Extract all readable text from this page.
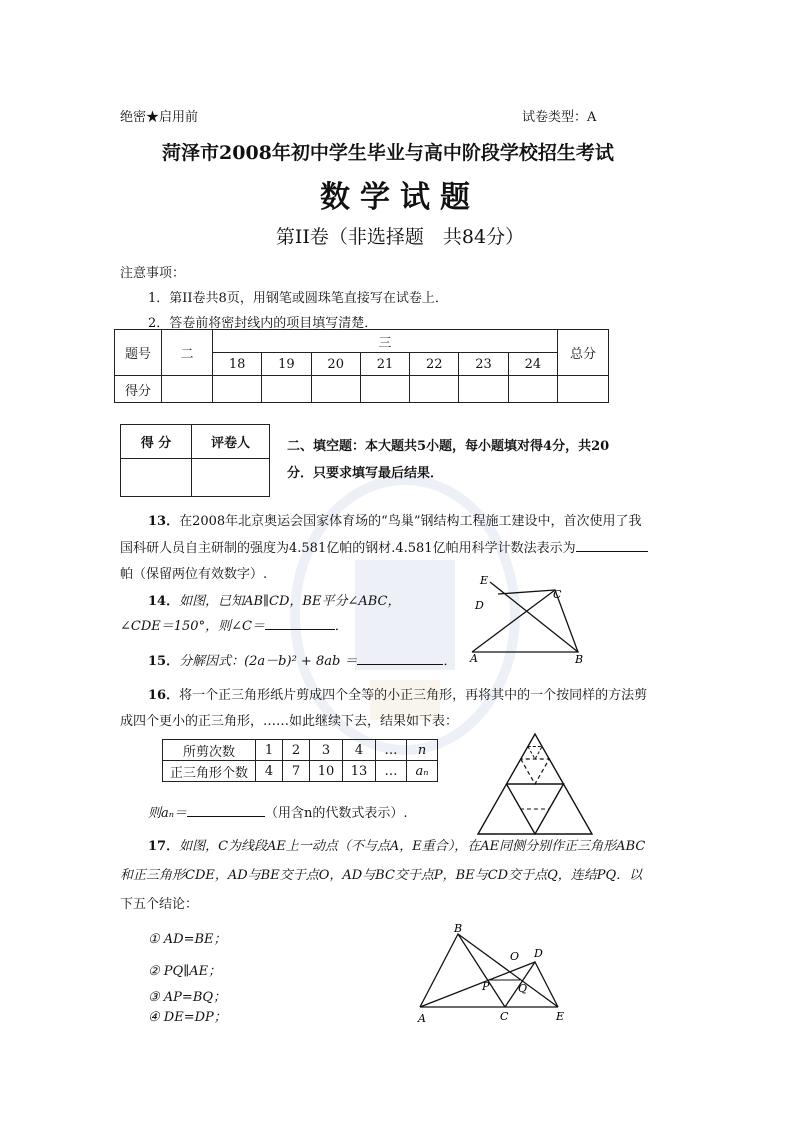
绝密★启用前	试卷类型：A
菏泽市2008年初中学生毕业与高中阶段学校招生考试
数学试题
第II卷（非选择题　共84分）
注意事项：
1．第II卷共8页，用钢笔或圆珠笔直接写在试卷上．
2．答卷前将密封线内的项目填写清楚．
题号	二	三							总分
		18	19	20	21	22	23	24	
得分									
得 分	评卷人
		二、填空题：本大题共5小题，每小题填对得4分，共20
分．只要求填写最后结果．
13．在2008年北京奥运会国家体育场的“鸟巢”钢结构工程施工建设中，首次使用了我
国科研人员自主研制的强度为4.581亿帕的钢材.4.581亿帕用科学计数法表示为
帕（保留两位有效数字）.
14．如图，已知AB∥CD，BE平分∠ABC，
∠CDE＝150°，则∠C＝	．
E
D
C
A	B
15．分解因式：(2a－b)² + 8ab ＝	．
16．将一个正三角形纸片剪成四个全等的小正三角形，再将其中的一个按同样的方法剪
成四个更小的正三角形，……如此继续下去，结果如下表：
所剪次数	1	2	3	4	…	n
正三角形个数	4	7	10	13	…	aₙ
则aₙ＝	（用含n的代数式表示）.
17．如图，C为线段AE上一动点（不与点A，E重合），在AE同侧分别作正三角形ABC
和正三角形CDE，AD与BE交于点O，AD与BC交于点P，BE与CD交于点Q，连结PQ．以
下五个结论：
① AD=BE；
② PQ∥AE；
③ AP=BQ；
④ DE=DP；
B
O D
P	Q
A	C	E
